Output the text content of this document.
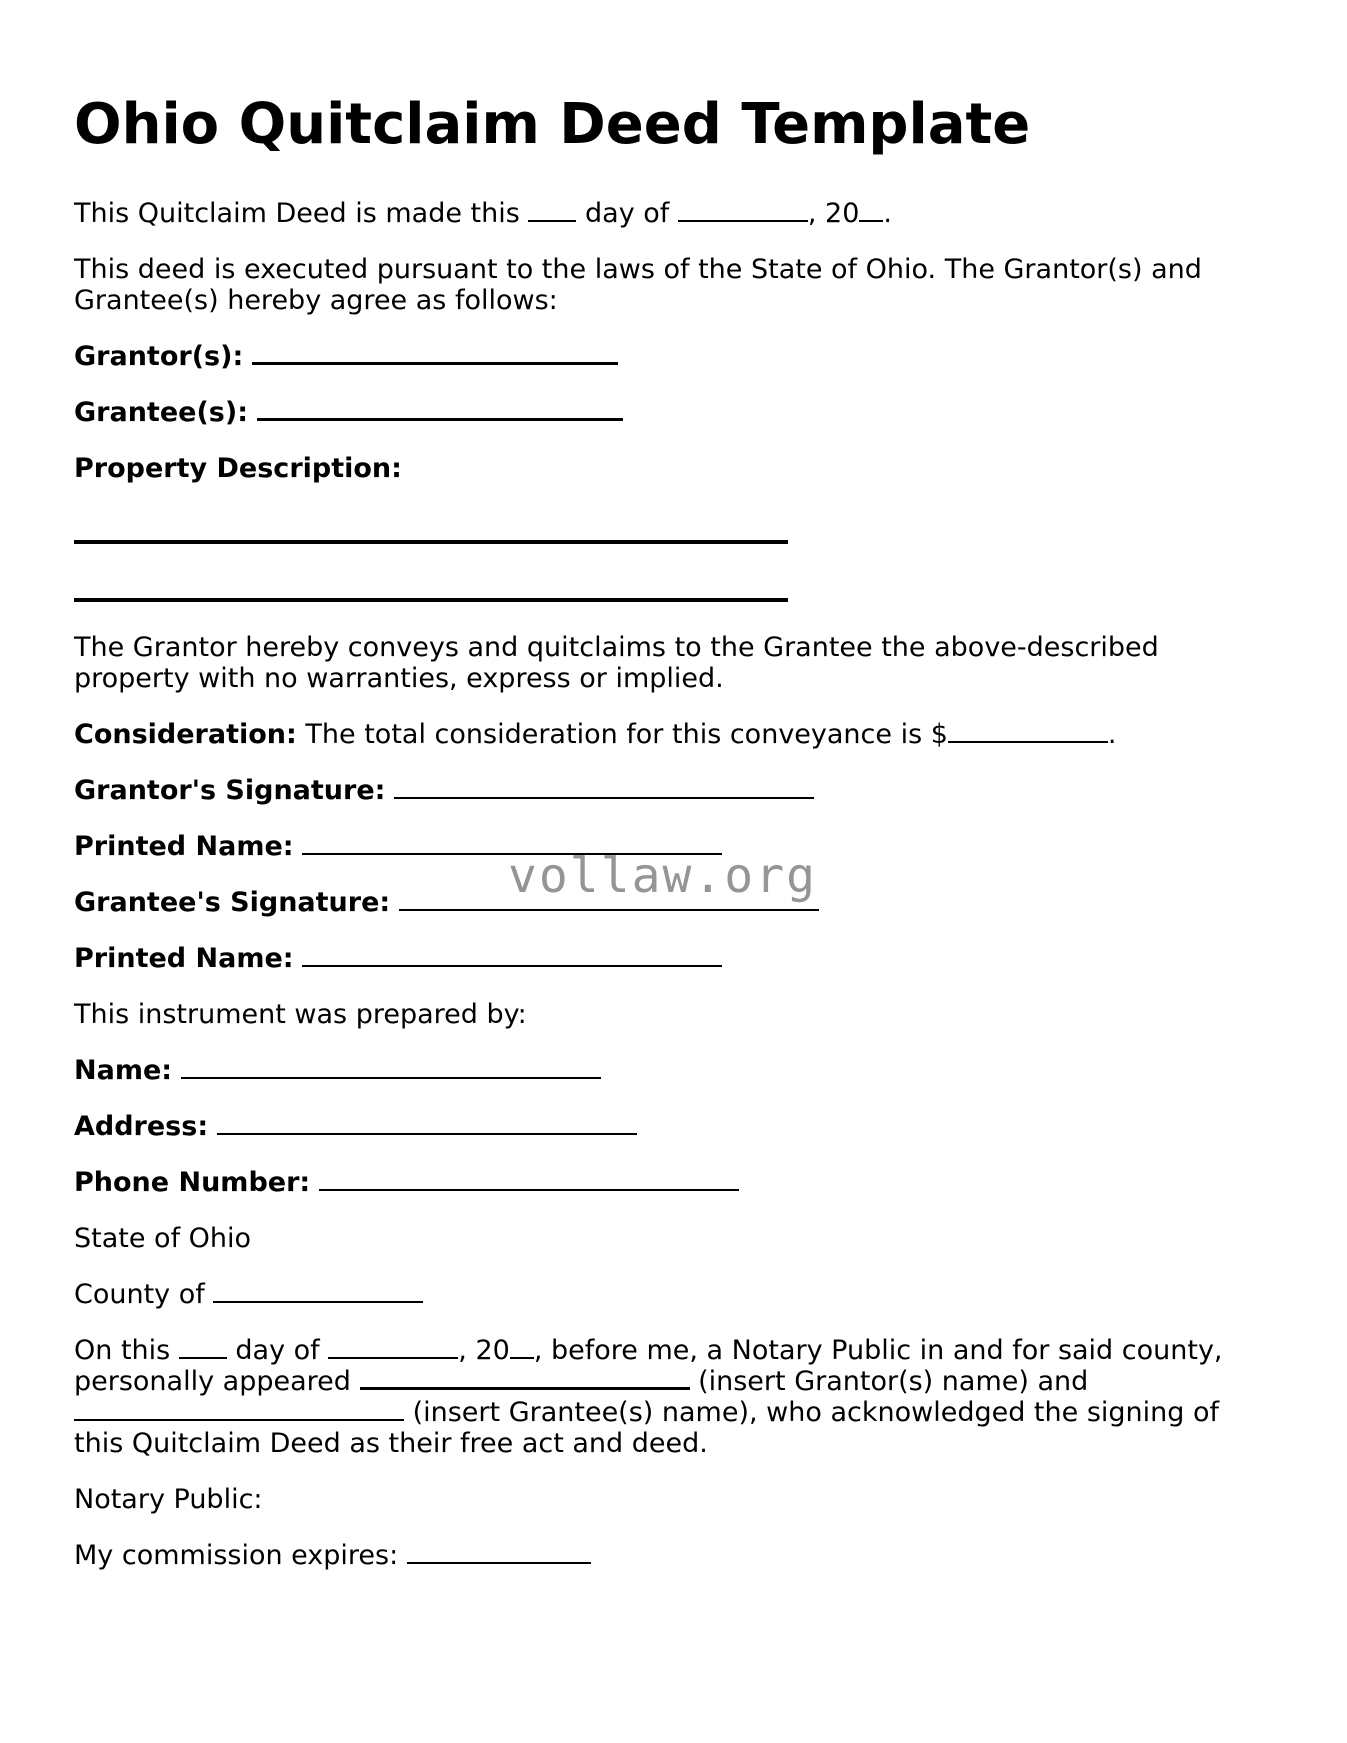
Ohio Quitclaim Deed Template

This Quitclaim Deed is made this day of	, 20 .

This deed is executed pursuant to the laws of the State of Ohio. The Grantor(s) and Grantee(s) hereby agree as follows:

Grantor(s):

Grantee(s):

Property Description:

The Grantor hereby conveys and quitclaims to the Grantee the above-described property with no warranties, express or implied.

Consideration: The total consideration for this conveyance is $	.

Grantor's Signature:

Printed Name:

Grantee's Signature:

Printed Name:

This instrument was prepared by:

Name:

Address:

Phone Number:

State of Ohio

County of

On this day of	, 20 , before me, a Notary Public in and for said county, personally appeared	(insert Grantor(s) name) and  (insert Grantee(s) name), who acknowledged the signing of this Quitclaim Deed as their free act and deed.

Notary Public:

My commission expires:

vollaw.org
